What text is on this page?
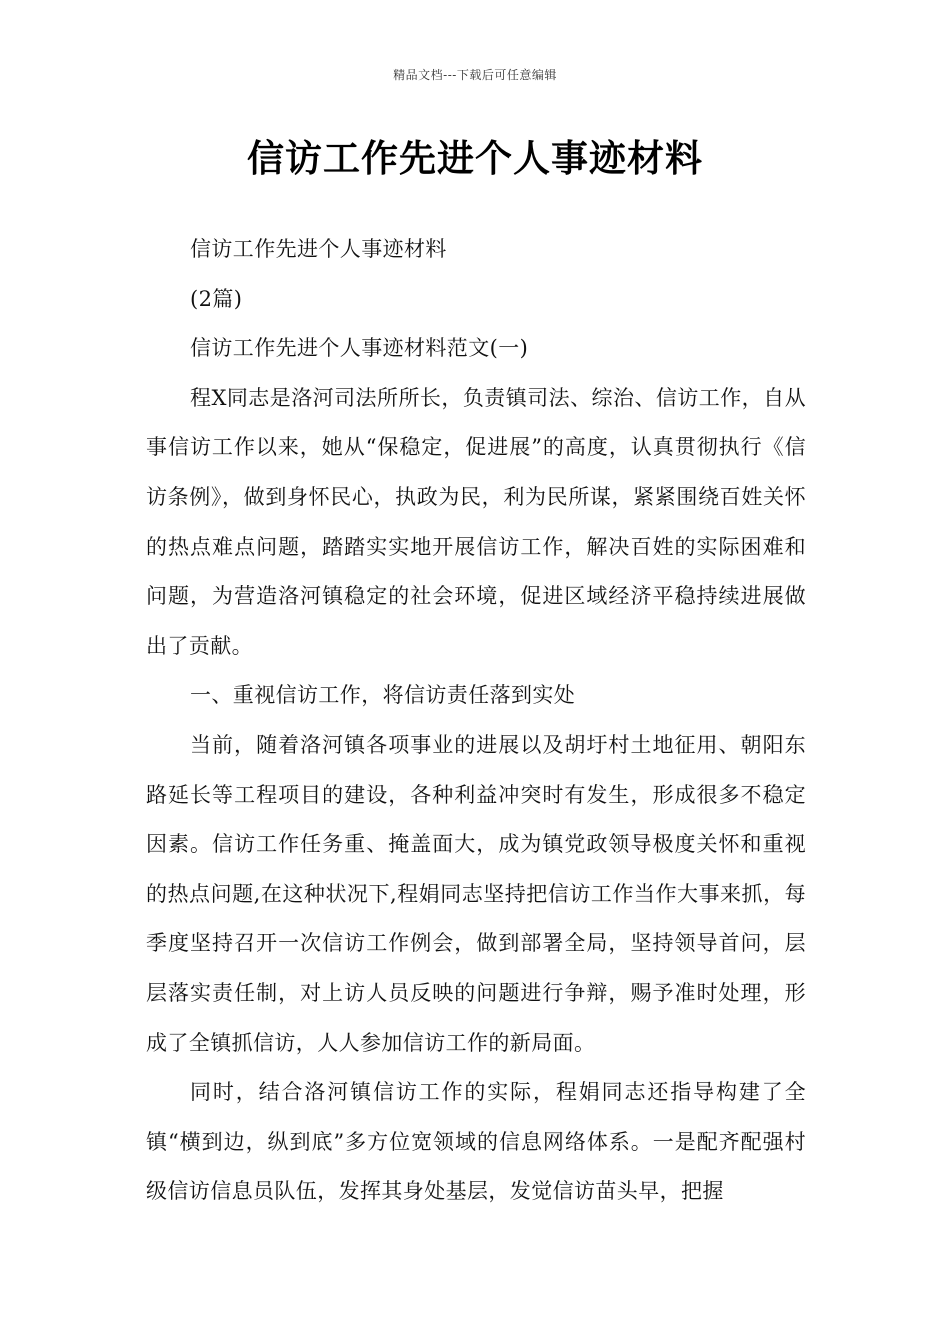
精品文档---下载后可任意编辑
信访工作先进个人事迹材料

信访工作先进个人事迹材料

(2篇)

信访工作先进个人事迹材料范文(一)

程X同志是洛河司法所所长，负责镇司法、综治、信访工作，自从事信访工作以来，她从“保稳定，促进展”的高度，认真贯彻执行《信访条例》，做到身怀民心，执政为民，利为民所谋，紧紧围绕百姓关怀的热点难点问题，踏踏实实地开展信访工作，解决百姓的实际困难和问题，为营造洛河镇稳定的社会环境，促进区域经济平稳持续进展做出了贡献。

一、重视信访工作，将信访责任落到实处

当前，随着洛河镇各项事业的进展以及胡圩村土地征用、朝阳东路延长等工程项目的建设，各种利益冲突时有发生，形成很多不稳定因素。信访工作任务重、掩盖面大，成为镇党政领导极度关怀和重视的热点问题,在这种状况下,程娟同志坚持把信访工作当作大事来抓，每季度坚持召开一次信访工作例会，做到部署全局，坚持领导首问，层层落实责任制，对上访人员反映的问题进行争辩，赐予准时处理，形成了全镇抓信访，人人参加信访工作的新局面。

同时，结合洛河镇信访工作的实际，程娟同志还指导构建了全镇“横到边，纵到底”多方位宽领域的信息网络体系。一是配齐配强村级信访信息员队伍，发挥其身处基层，发觉信访苗头早，把握
